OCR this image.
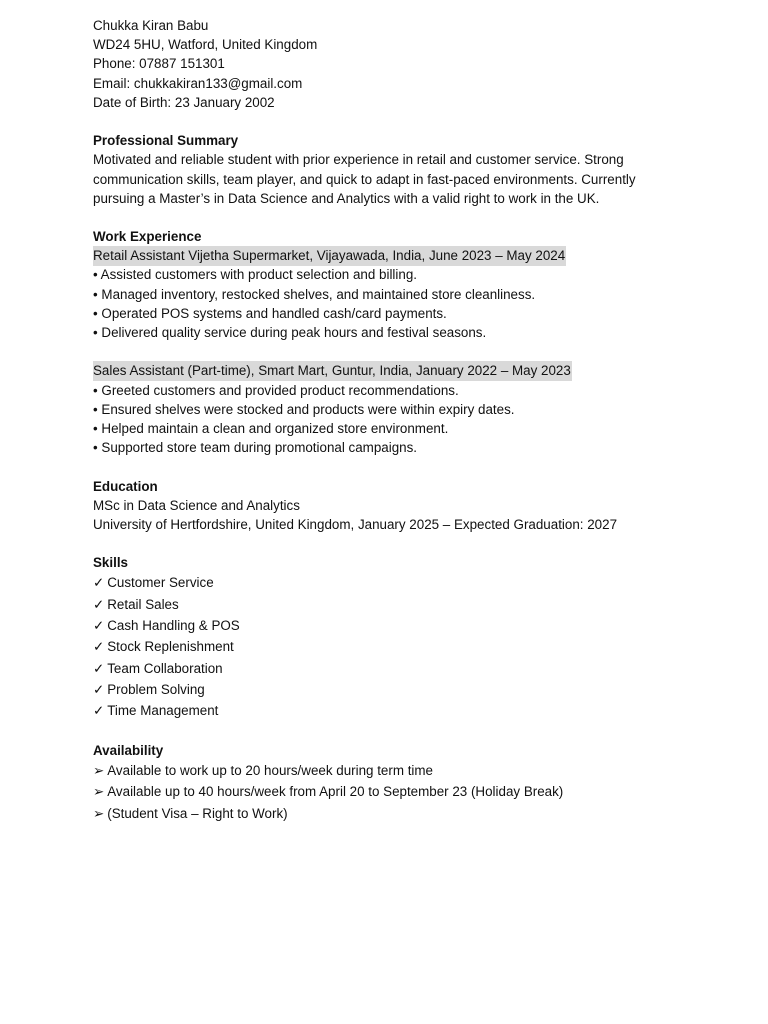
Chukka Kiran Babu
WD24 5HU, Watford, United Kingdom
Phone: 07887 151301
Email: chukkakiran133@gmail.com
Date of Birth: 23 January 2002
Professional Summary
Motivated and reliable student with prior experience in retail and customer service. Strong communication skills, team player, and quick to adapt in fast-paced environments. Currently pursuing a Master’s in Data Science and Analytics with a valid right to work in the UK.
Work Experience
Retail Assistant Vijetha Supermarket, Vijayawada, India, June 2023 – May 2024
• Assisted customers with product selection and billing.
• Managed inventory, restocked shelves, and maintained store cleanliness.
• Operated POS systems and handled cash/card payments.
• Delivered quality service during peak hours and festival seasons.
Sales Assistant (Part-time), Smart Mart, Guntur, India, January 2022 – May 2023
• Greeted customers and provided product recommendations.
• Ensured shelves were stocked and products were within expiry dates.
• Helped maintain a clean and organized store environment.
• Supported store team during promotional campaigns.
Education
MSc in Data Science and Analytics
University of Hertfordshire, United Kingdom, January 2025 – Expected Graduation: 2027
Skills
✓ Customer Service
✓ Retail Sales
✓ Cash Handling & POS
✓ Stock Replenishment
✓ Team Collaboration
✓ Problem Solving
✓ Time Management
Availability
➢ Available to work up to 20 hours/week during term time
➢ Available up to 40 hours/week from April 20 to September 23 (Holiday Break)
➢ (Student Visa – Right to Work)
